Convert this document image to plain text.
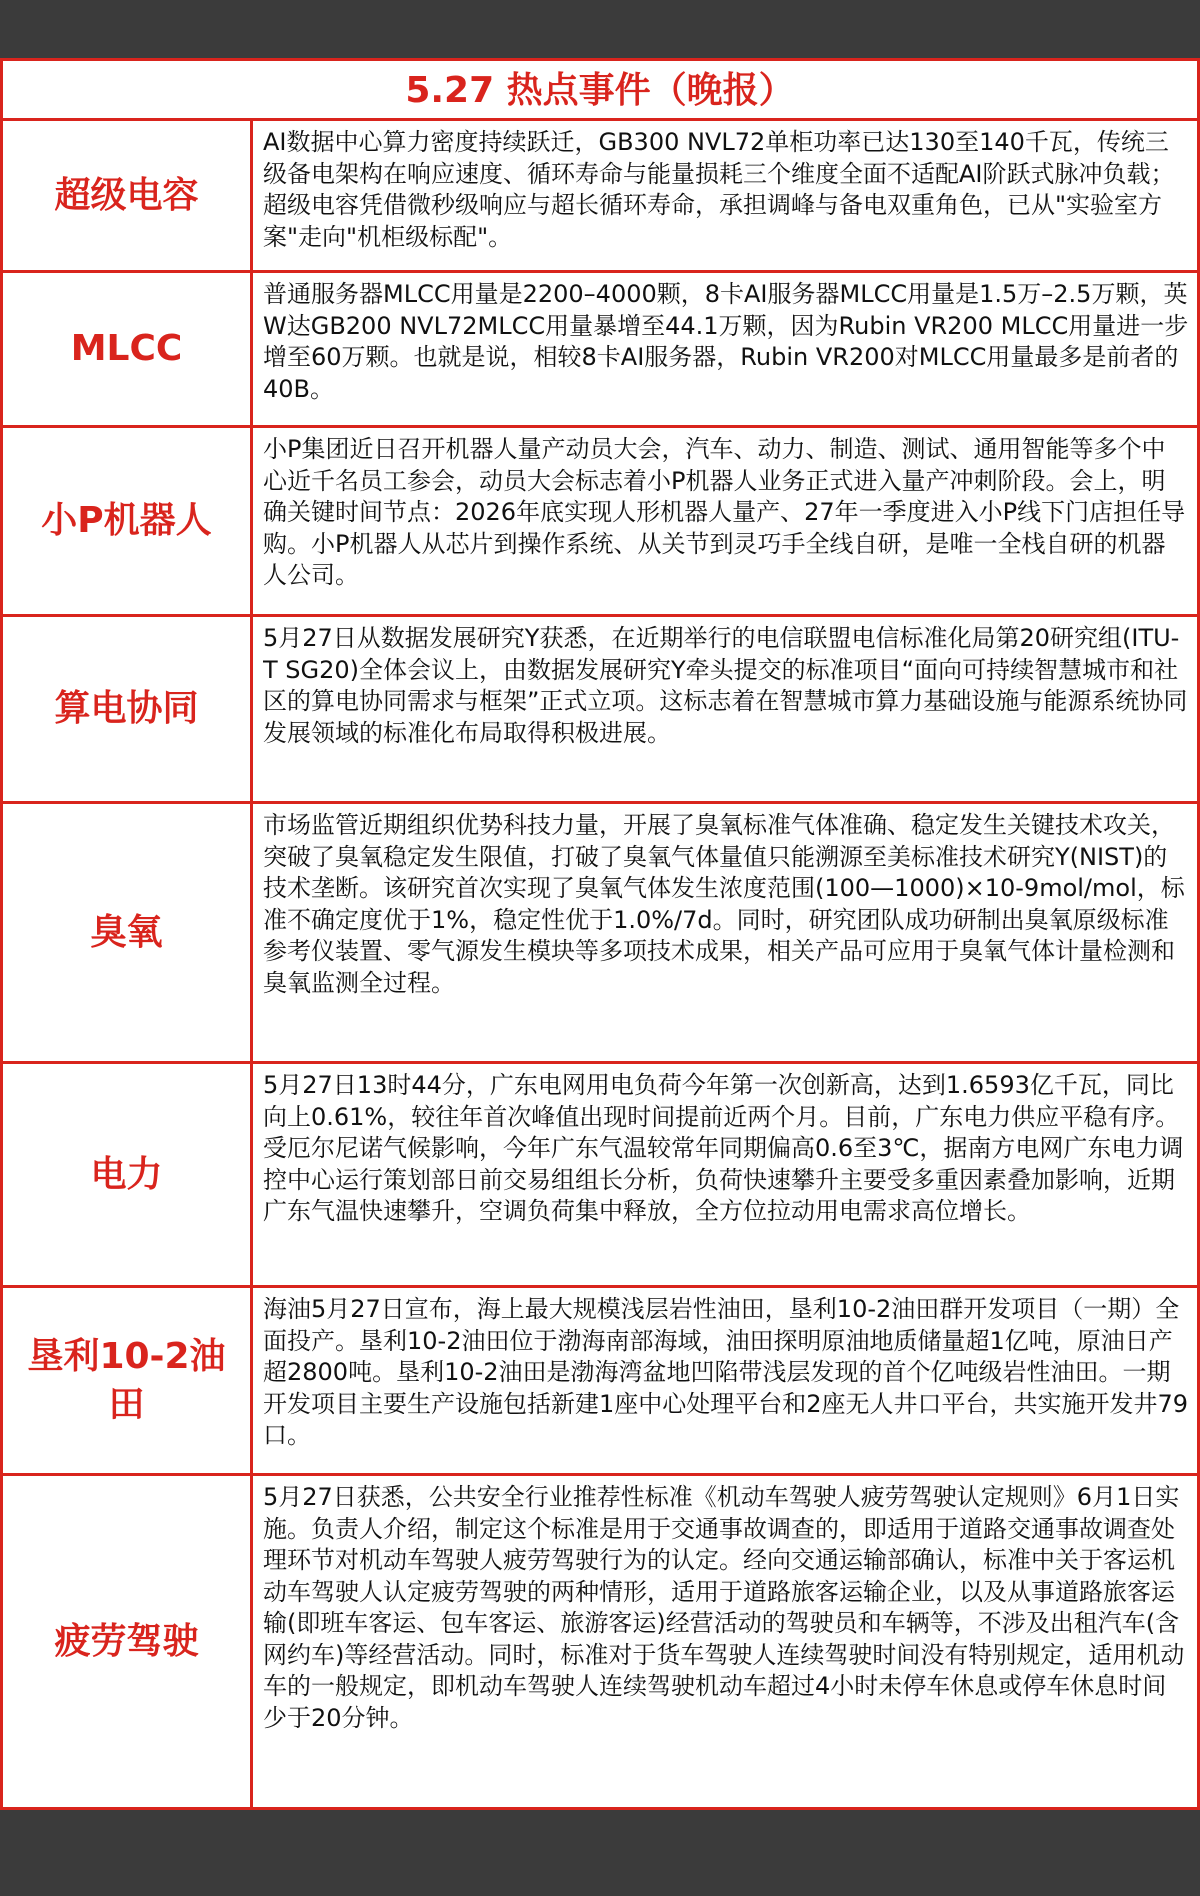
5.27 热点事件（晚报）
超级电容
AI数据中心算力密度持续跃迁，GB300 NVL72单柜功率已达130至140千瓦，传统三级备电架构在响应速度、循环寿命与能量损耗三个维度全面不适配AI阶跃式脉冲负载；超级电容凭借微秒级响应与超长循环寿命，承担调峰与备电双重角色，已从"实验室方案"走向"机柜级标配"。
MLCC
普通服务器MLCC用量是2200–4000颗，8卡AI服务器MLCC用量是1.5万–2.5万颗，英W达GB200 NVL72MLCC用量暴增至44.1万颗，因为Rubin VR200 MLCC用量进一步增至60万颗。也就是说，相较8卡AI服务器，Rubin VR200对MLCC用量最多是前者的40B。
小P机器人
小P集团近日召开机器人量产动员大会，汽车、动力、制造、测试、通用智能等多个中心近千名员工参会，动员大会标志着小P机器人业务正式进入量产冲刺阶段。会上，明确关键时间节点：2026年底实现人形机器人量产、27年一季度进入小P线下门店担任导购。小P机器人从芯片到操作系统、从关节到灵巧手全线自研，是唯一全栈自研的机器人公司。
算电协同
5月27日从数据发展研究Y获悉，在近期举行的电信联盟电信标准化局第20研究组(ITU-T SG20)全体会议上，由数据发展研究Y牵头提交的标准项目“面向可持续智慧城市和社区的算电协同需求与框架”正式立项。这标志着在智慧城市算力基础设施与能源系统协同发展领域的标准化布局取得积极进展。
臭氧
市场监管近期组织优势科技力量，开展了臭氧标准气体准确、稳定发生关键技术攻关，突破了臭氧稳定发生限值，打破了臭氧气体量值只能溯源至美标准技术研究Y(NIST)的技术垄断。该研究首次实现了臭氧气体发生浓度范围(100—1000)×10-9mol/mol，标准不确定度优于1%，稳定性优于1.0%/7d。同时，研究团队成功研制出臭氧原级标准参考仪装置、零气源发生模块等多项技术成果，相关产品可应用于臭氧气体计量检测和臭氧监测全过程。
电力
5月27日13时44分，广东电网用电负荷今年第一次创新高，达到1.6593亿千瓦，同比向上0.61%，较往年首次峰值出现时间提前近两个月。目前，广东电力供应平稳有序。受厄尔尼诺气候影响，今年广东气温较常年同期偏高0.6至3℃，据南方电网广东电力调控中心运行策划部日前交易组组长分析，负荷快速攀升主要受多重因素叠加影响，近期广东气温快速攀升，空调负荷集中释放，全方位拉动用电需求高位增长。
垦利10-2油田
海油5月27日宣布，海上最大规模浅层岩性油田，垦利10-2油田群开发项目（一期）全面投产。垦利10-2油田位于渤海南部海域，油田探明原油地质储量超1亿吨，原油日产超2800吨。垦利10-2油田是渤海湾盆地凹陷带浅层发现的首个亿吨级岩性油田。一期开发项目主要生产设施包括新建1座中心处理平台和2座无人井口平台，共实施开发井79口。
疲劳驾驶
5月27日获悉，公共安全行业推荐性标准《机动车驾驶人疲劳驾驶认定规则》6月1日实施。负责人介绍，制定这个标准是用于交通事故调查的，即适用于道路交通事故调查处理环节对机动车驾驶人疲劳驾驶行为的认定。经向交通运输部确认，标准中关于客运机动车驾驶人认定疲劳驾驶的两种情形，适用于道路旅客运输企业，以及从事道路旅客运输(即班车客运、包车客运、旅游客运)经营活动的驾驶员和车辆等，不涉及出租汽车(含网约车)等经营活动。同时，标准对于货车驾驶人连续驾驶时间没有特别规定，适用机动车的一般规定，即机动车驾驶人连续驾驶机动车超过4小时未停车休息或停车休息时间少于20分钟。
